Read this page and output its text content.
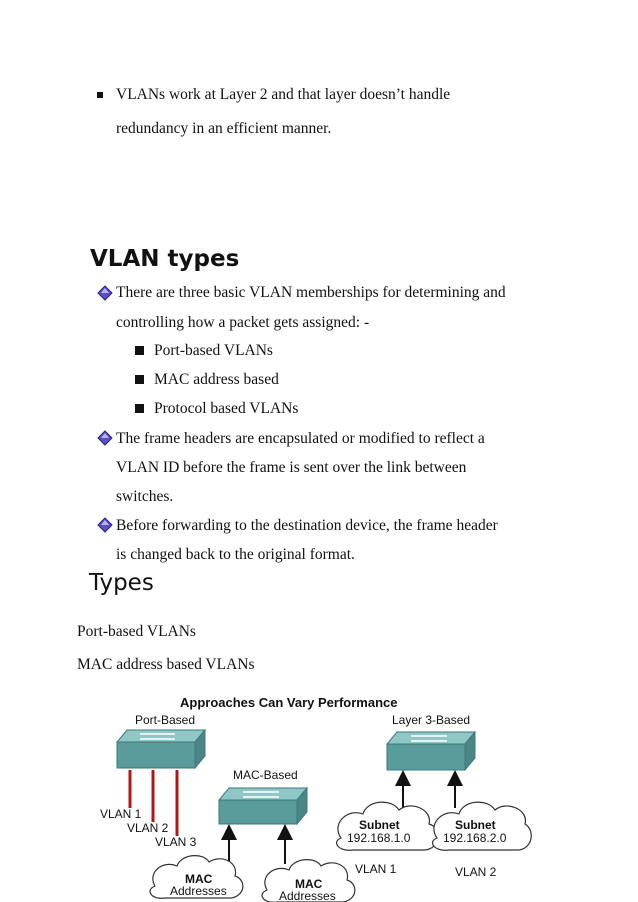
VLANs work at Layer 2 and that layer doesn’t handle
redundancy in an efficient manner.
VLAN types
There are three basic VLAN memberships for determining and
controlling how a packet gets assigned: -
Port-based VLANs
MAC address based
Protocol based VLANs
The frame headers are encapsulated or modified to reflect a
VLAN ID before the frame is sent over the link between
switches.
Before forwarding to the destination device, the frame header
is changed back to the original format.
Types
Port-based VLANs
MAC address based VLANs
Approaches Can Vary Performance
Port-Based
VLAN 1
VLAN 2
VLAN 3
MAC-Based
MAC
Addresses	MAC
Addresses
Layer 3-Based
Subnet
192.168.1.0
VLAN 1
Subnet
192.168.2.0
VLAN 2
